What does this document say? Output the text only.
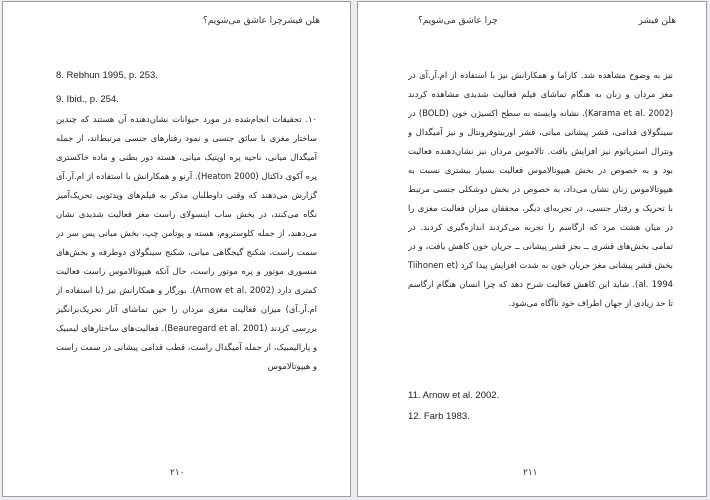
چرا عاشق می‌شویم؟ هلن فیشر
8. Rebhun 1995, p. 253.
9. Ibid., p. 254.

۱۰. تحقیقات انجام‌شده در مورد حیوانات نشان‌دهنده آن هستند که چندین ساختار مغزی با سائق جنسی و نمود رفتارهای جنسی مرتبط‌اند، از جمله آمیگدال میانی، ناحیه پره اوپتیک میانی، هسته دور بطنی و ماده خاکستری پره آکوی داکتال (Heaton 2000). آرنو و همکارانش با استفاده از ام.آر.آی گزارش می‌دهند که وقتی داوطلبان مذکر به فیلم‌های ویدئویی تحریک‌آمیز نگاه می‌کنند، در بخش ساب اینسولای راست مغز فعالیت شدیدی نشان می‌دهند، از جمله کلوستروم، هسته و پوتامن چپ، بخش میانی پس سر در سمت راست، شکنج گیجگاهی میانی، شکنج سینگولای دوطرفه و بخش‌های منسوری موتور و پره موتور راست، حال آنکه هیپوتالاموس راست فعالیت کمتری دارد (Arnow et al. 2002). بورگار و همکارانش نیز (با استفاده از ام.آر.آی) میزان فعالیت مغزی مردان را حین تماشای آثار تحریک‌برانگیز بررسی کردند (Beauregard et al. 2001). فعالیت‌های ساختارهای لیمبیک و پارالیمبیک، از جمله آمیگدال راست، قطب قدامی پیشانی در سمت راست و هیپوتالاموس

۲۱۰
چرا عاشق می‌شویم؟	هلن فیشر

نیز به وضوح مشاهده شد. کاراما و همکارانش نیز با استفاده از ام.آر.آی در مغز مردان و زنان به هنگام تماشای فیلم فعالیت شدیدی مشاهده کردند (Karama et al. 2002). نشانه وابسته به سطح اکسیژن خون (BOLD) در سینگولای قدامی، قشر پیشانی میانی، قشر اوربیتوفرونتال و نیز آمیگدال و ونترال استریاتوم نیز افزایش یافت. تالاموس مردان نیز نشان‌دهنده فعالیت بود و به خصوص در بخش هیپوتالاموس فعالیت بسیار بیشتری نسبت به هیپوتالاموس زنان نشان می‌داد، به خصوص در بخش دوشکلی جنسی مرتبط با تحریک و رفتار جنسی. در تجربه‌ای دیگر، محققان میزان فعالیت مغزی را در میان هشت مرد که ارگاسم را تجربه می‌کردند اندازه‌گیری کردند. در تمامی بخش‌های قشری ــ بجز قشر پیشانی ــ جریان خون کاهش یافت، و در بخش قشر پیشانی مغز جریان خون به شدت افزایش پیدا کرد (Tiihonen et al. 1994). شاید این کاهش فعالیت شرح دهد که چرا انسان هنگام ارگاسم تا حد زیادی از جهان اطراف خود ناآگاه می‌شود.

11. Arnow et al. 2002.
12. Farb 1983.
۲۱۱
